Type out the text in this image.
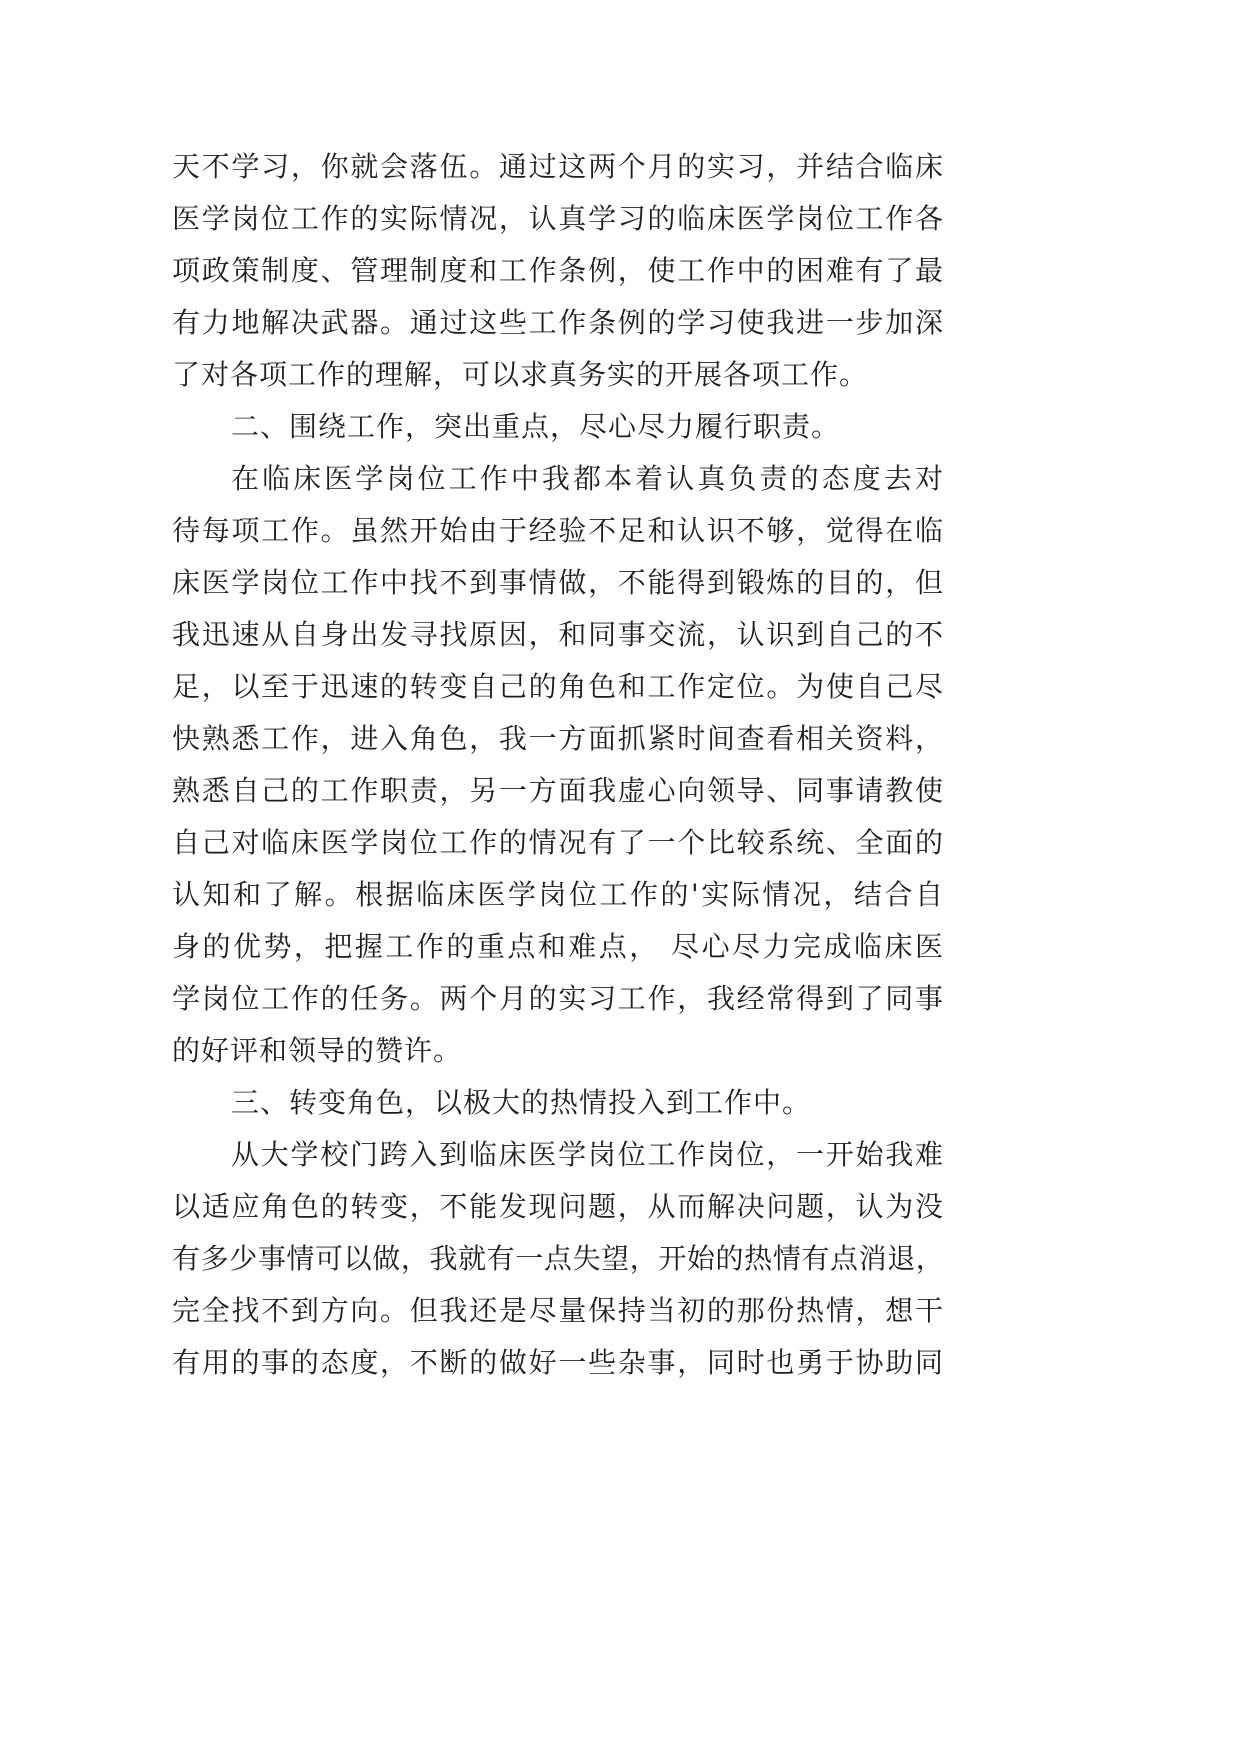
天不学习，你就会落伍。通过这两个月的实习，并结合临床
医学岗位工作的实际情况，认真学习的临床医学岗位工作各
项政策制度、管理制度和工作条例，使工作中的困难有了最
有力地解决武器。通过这些工作条例的学习使我进一步加深
了对各项工作的理解，可以求真务实的开展各项工作。
二、围绕工作，突出重点，尽心尽力履行职责。
在临床医学岗位工作中我都本着认真负责的态度去对
待每项工作。虽然开始由于经验不足和认识不够，觉得在临
床医学岗位工作中找不到事情做，不能得到锻炼的目的，但
我迅速从自身出发寻找原因，和同事交流，认识到自己的不
足，以至于迅速的转变自己的角色和工作定位。为使自己尽
快熟悉工作，进入角色，我一方面抓紧时间查看相关资料，
熟悉自己的工作职责，另一方面我虚心向领导、同事请教使
自己对临床医学岗位工作的情况有了一个比较系统、全面的
认知和了解。根据临床医学岗位工作的'实际情况，结合自
身的优势，把握工作的重点和难点， 尽心尽力完成临床医
学岗位工作的任务。两个月的实习工作，我经常得到了同事
的好评和领导的赞许。
三、转变角色，以极大的热情投入到工作中。
从大学校门跨入到临床医学岗位工作岗位，一开始我难
以适应角色的转变，不能发现问题，从而解决问题，认为没
有多少事情可以做，我就有一点失望，开始的热情有点消退，
完全找不到方向。但我还是尽量保持当初的那份热情，想干
有用的事的态度，不断的做好一些杂事，同时也勇于协助同
